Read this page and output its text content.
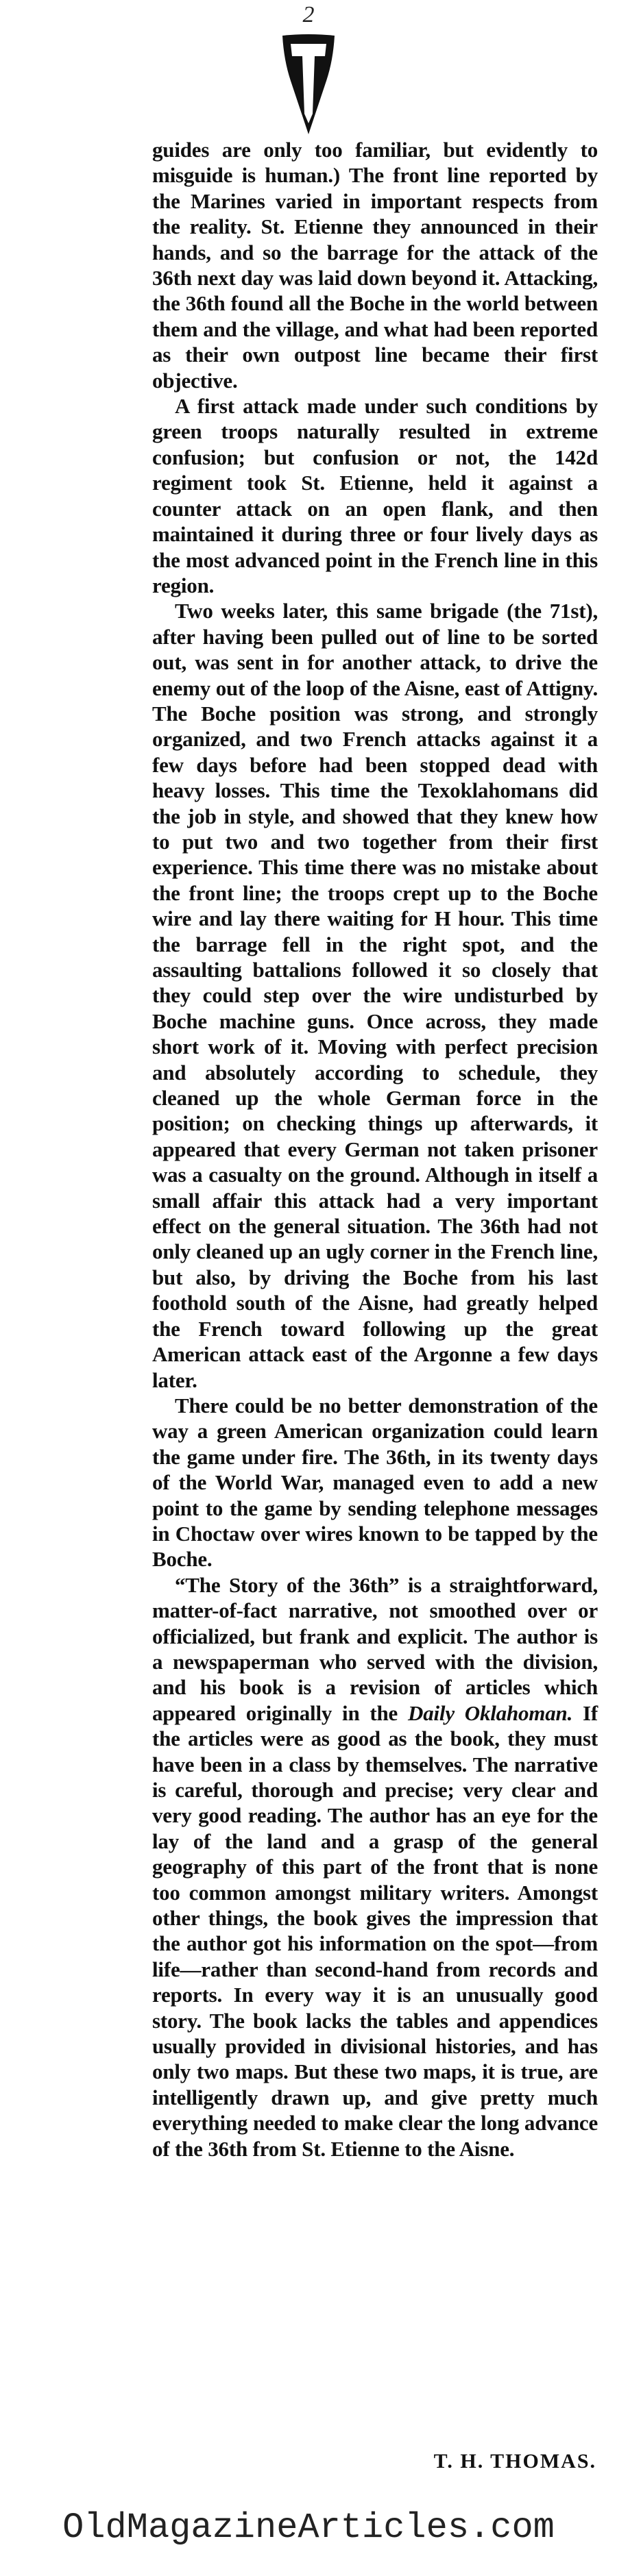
2

guides are only too familiar, but evidently to misguide is human.) The front line reported by the Marines varied in important respects from the reality. St. Etienne they announced in their hands, and so the barrage for the attack of the 36th next day was laid down beyond it. Attacking, the 36th found all the Boche in the world between them and the village, and what had been reported as their own outpost line became their first objective.

A first attack made under such conditions by green troops naturally resulted in extreme confusion; but confusion or not, the 142d regiment took St. Etienne, held it against a counter attack on an open flank, and then maintained it during three or four lively days as the most advanced point in the French line in this region.

Two weeks later, this same brigade (the 71st), after having been pulled out of line to be sorted out, was sent in for another attack, to drive the enemy out of the loop of the Aisne, east of Attigny. The Boche position was strong, and strongly organized, and two French attacks against it a few days before had been stopped dead with heavy losses. This time the Texoklahomans did the job in style, and showed that they knew how to put two and two together from their first experience. This time there was no mistake about the front line; the troops crept up to the Boche wire and lay there waiting for H hour. This time the barrage fell in the right spot, and the assaulting battalions followed it so closely that they could step over the wire undisturbed by Boche machine guns. Once across, they made short work of it. Moving with perfect precision and absolutely according to schedule, they cleaned up the whole German force in the position; on checking things up afterwards, it appeared that every German not taken prisoner was a casualty on the ground. Although in itself a small affair this attack had a very important effect on the general situation. The 36th had not only cleaned up an ugly corner in the French line, but also, by driving the Boche from his last foothold south of the Aisne, had greatly helped the French toward following up the great American attack east of the Argonne a few days later.

There could be no better demonstration of the way a green American organization could learn the game under fire. The 36th, in its twenty days of the World War, managed even to add a new point to the game by sending telephone messages in Choctaw over wires known to be tapped by the Boche.

“The Story of the 36th” is a straightforward, matter-of-fact narrative, not smoothed over or officialized, but frank and explicit. The author is a newspaperman who served with the division, and his book is a revision of articles which appeared originally in the Daily Oklahoman. If the articles were as good as the book, they must have been in a class by themselves. The narrative is careful, thorough and precise; very clear and very good reading. The author has an eye for the lay of the land and a grasp of the general geography of this part of the front that is none too common amongst military writers. Amongst other things, the book gives the impression that the author got his information on the spot—from life—rather than second-hand from records and reports. In every way it is an unusually good story. The book lacks the tables and appendices usually provided in divisional histories, and has only two maps. But these two maps, it is true, are intelligently drawn up, and give pretty much everything needed to make clear the long advance of the 36th from St. Etienne to the Aisne.

T. H. THOMAS.
OldMagazineArticles.com
